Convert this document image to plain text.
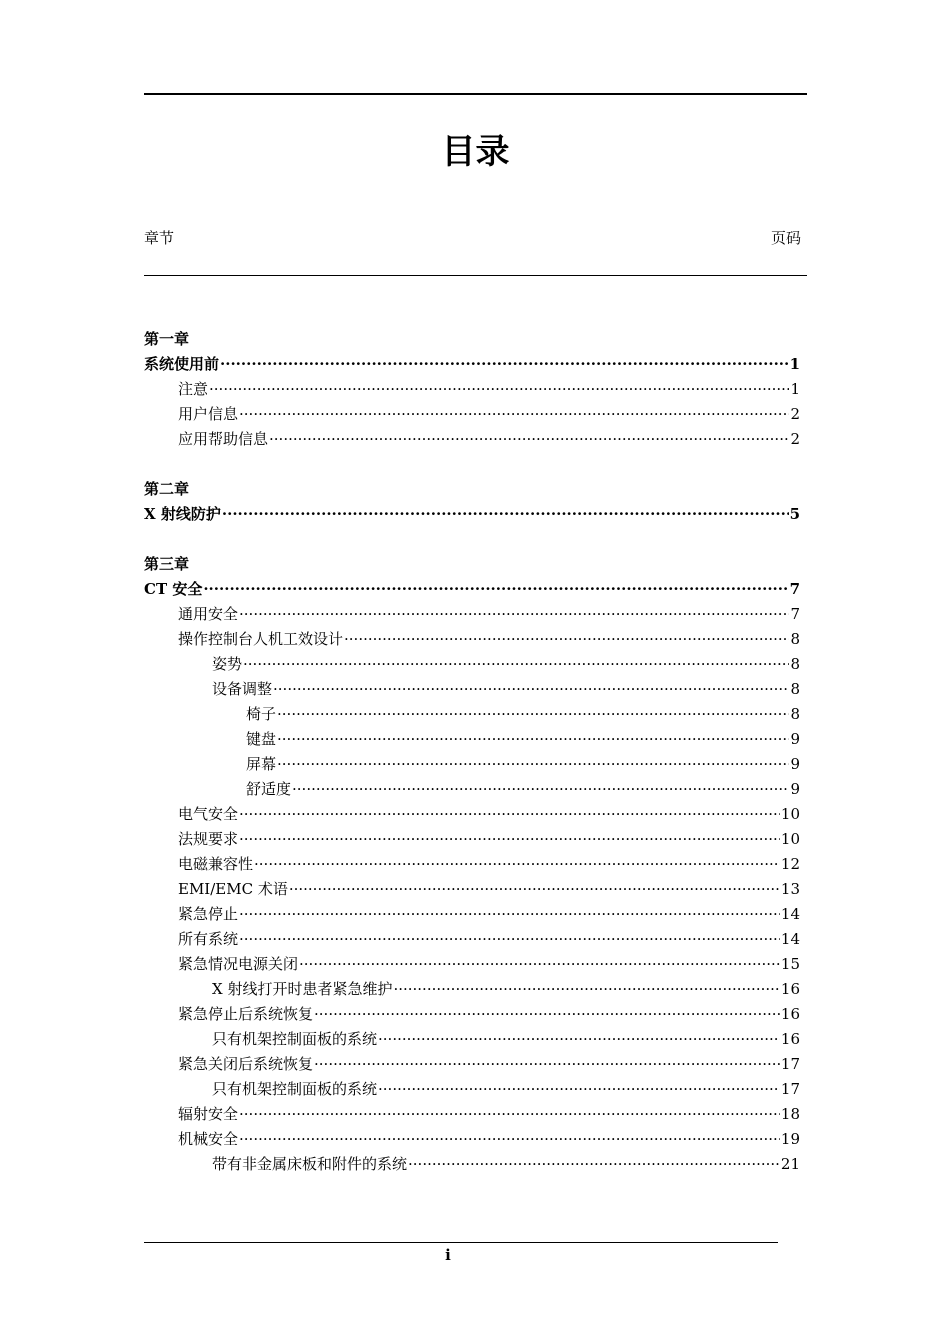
目录
章节	页码
第一章
系统使用前 ·····	1
注意 ·····	1
用户信息 ·····	2
应用帮助信息 ·····	2
第二章
X 射线防护 ·····	5
第三章
CT 安全 ·····	7
通用安全 ·····	7
操作控制台人机工效设计 ·····	8
姿势 ·····	8
设备调整 ·····	8
椅子 ·····	8
键盘 ·····	9
屏幕 ·····	9
舒适度 ·····	9
电气安全 ·····	10
法规要求 ·····	10
电磁兼容性 ·····	12
EMI/EMC 术语 ·····	13
紧急停止 ·····	14
所有系统 ·····	14
紧急情况电源关闭 ·····	15
X 射线打开时患者紧急维护 ·····	16
紧急停止后系统恢复 ·····	16
只有机架控制面板的系统 ·····	16
紧急关闭后系统恢复 ·····	17
只有机架控制面板的系统 ·····	17
辐射安全 ·····	18
机械安全 ·····	19
带有非金属床板和附件的系统 ·····	21
i
